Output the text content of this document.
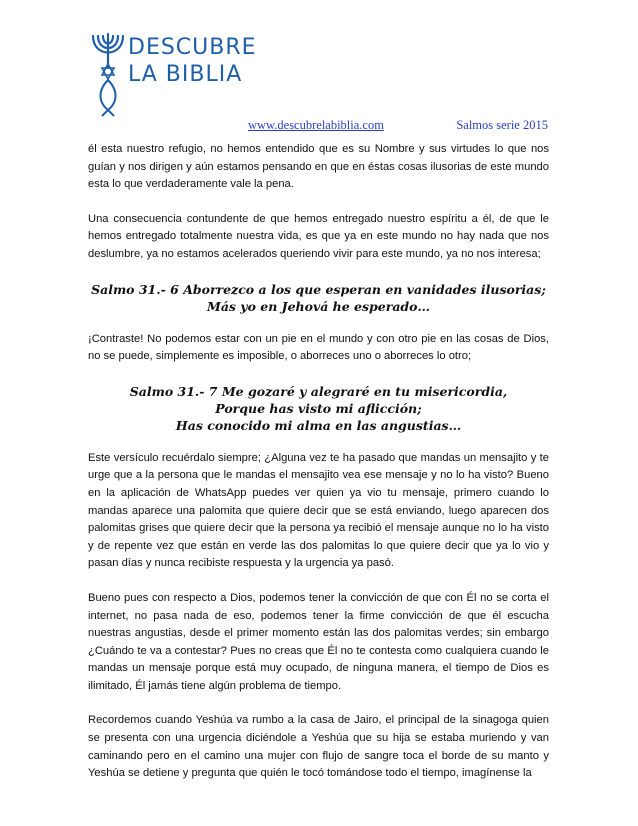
DESCUBRE
LA BIBLIA
www.descubrelabiblia.com	Salmos serie 2015

él esta nuestro refugio, no hemos entendido que es su Nombre y sus virtudes lo que nos guían y nos dirigen y aún estamos pensando en que en éstas cosas ilusorias de este mundo esta lo que verdaderamente vale la pena.

Una consecuencia contundente de que hemos entregado nuestro espíritu a él, de que le hemos entregado totalmente nuestra vida, es que ya en este mundo no hay nada que nos deslumbre, ya no estamos acelerados queriendo vivir para este mundo, ya no nos interesa;

Salmo 31.- 6 Aborrezco a los que esperan en vanidades ilusorias;
Más yo en Jehová he esperado…

¡Contraste! No podemos estar con un pie en el mundo y con otro pie en las cosas de Dios, no se puede, simplemente es imposible, o aborreces uno o aborreces lo otro;

Salmo 31.- 7 Me gozaré y alegraré en tu misericordia,
Porque has visto mi aflicción;
Has conocido mi alma en las angustias…

Este versículo recuérdalo siempre; ¿Alguna vez te ha pasado que mandas un mensajito y te urge que a la persona que le mandas el mensajito vea ese mensaje y no lo ha visto? Bueno en la aplicación de WhatsApp puedes ver quien ya vio tu mensaje, primero cuando lo mandas aparece una palomita que quiere decir que se está enviando, luego aparecen dos palomitas grises que quiere decir que la persona ya recibió el mensaje aunque no lo ha visto y de repente vez que están en verde las dos palomitas lo que quiere decir que ya lo vio y pasan días y nunca recibiste respuesta y la urgencia ya pasó.

Bueno pues con respecto a Dios, podemos tener la convicción de que con Él no se corta el internet, no pasa nada de eso, podemos tener la firme convicción de que él escucha nuestras angustias, desde el primer momento están las dos palomitas verdes; sin embargo ¿Cuándo te va a contestar? Pues no creas que Él no te contesta como cualquiera cuando le mandas un mensaje porque está muy ocupado, de ninguna manera, el tiempo de Dios es ilimitado, Él jamás tiene algún problema de tiempo.

Recordemos cuando Yeshúa va rumbo a la casa de Jairo, el principal de la sinagoga quien se presenta con una urgencia diciéndole a Yeshúa que su hija se estaba muriendo y van caminando pero en el camino una mujer con flujo de sangre toca el borde de su manto y Yeshúa se detiene y pregunta que quién le tocó tomándose todo el tiempo, imagínense la
